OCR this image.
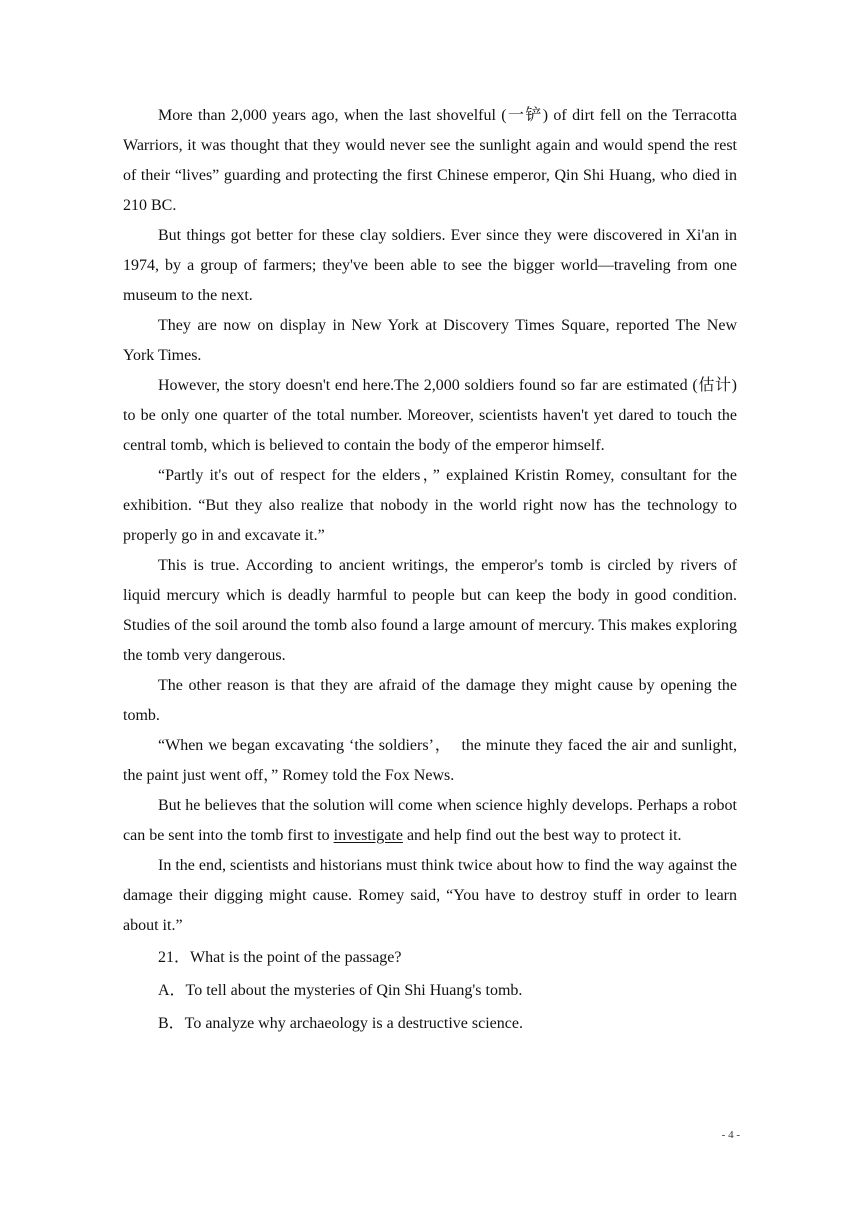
More than 2,000 years ago, when the last shovelful (一铲) of dirt fell on the Terracotta Warriors, it was thought that they would never see the sunlight again and would spend the rest of their “lives” guarding and protecting the first Chinese emperor, Qin Shi Huang, who died in 210 BC.

But things got better for these clay soldiers. Ever since they were discovered in Xi'an in 1974, by a group of farmers; they've been able to see the bigger world—traveling from one museum to the next.

They are now on display in New York at Discovery Times Square, reported The New York Times.

However, the story doesn't end here.The 2,000 soldiers found so far are estimated (估计) to be only one quarter of the total number. Moreover, scientists haven't yet dared to touch the central tomb, which is believed to contain the body of the emperor himself.

“Partly it's out of respect for the elders，” explained Kristin Romey, consultant for the exhibition. “But they also realize that nobody in the world right now has the technology to properly go in and excavate it.”

This is true. According to ancient writings, the emperor's tomb is circled by rivers of liquid mercury which is deadly harmful to people but can keep the body in good condition. Studies of the soil around the tomb also found a large amount of mercury. This makes exploring the tomb very dangerous.

The other reason is that they are afraid of the damage they might cause by opening the tomb.

“When we began excavating ‘the soldiers’，  the minute they faced the air and sunlight, the paint just went off，” Romey told the Fox News.

But he believes that the solution will come when science highly develops. Perhaps a robot can be sent into the tomb first to investigate and help find out the best way to protect it.

In the end, scientists and historians must think twice about how to find the way against the damage their digging might cause. Romey said, “You have to destroy stuff in order to learn about it.”

21．What is the point of the passage?

A．To tell about the mysteries of Qin Shi Huang's tomb.

B．To analyze why archaeology is a destructive science.

- 4 -
